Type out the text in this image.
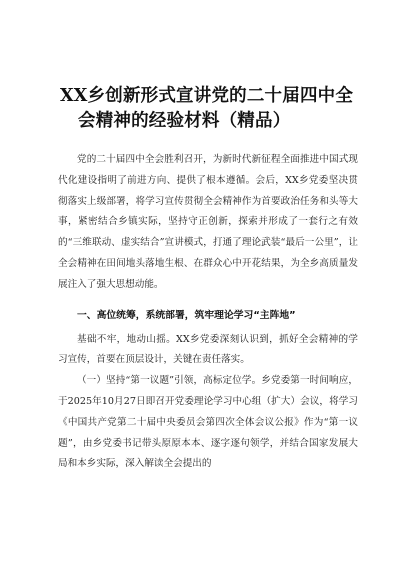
XX乡创新形式宣讲党的二十届四中全
会精神的经验材料（精品）

党的二十届四中全会胜利召开，为新时代新征程全面推进中国式现代化建设指明了前进方向、提供了根本遵循。会后，XX乡党委坚决贯彻落实上级部署，将学习宣传贯彻全会精神作为首要政治任务和头等大事，紧密结合乡镇实际，坚持守正创新，探索并形成了一套行之有效的“三维联动、虚实结合”宣讲模式，打通了理论武装“最后一公里”，让全会精神在田间地头落地生根、在群众心中开花结果，为全乡高质量发展注入了强大思想动能。

一、高位统筹，系统部署，筑牢理论学习“主阵地”

基础不牢，地动山摇。XX乡党委深刻认识到，抓好全会精神的学习宣传，首要在顶层设计，关键在责任落实。

（一）坚持“第一议题”引领，高标定位学。乡党委第一时间响应，于2025年10月27日即召开党委理论学习中心组（扩大）会议，将学习《中国共产党第二十届中央委员会第四次全体会议公报》作为“第一议题”，由乡党委书记带头原原本本、逐字逐句领学，并结合国家发展大局和本乡实际，深入解读全会提出的
